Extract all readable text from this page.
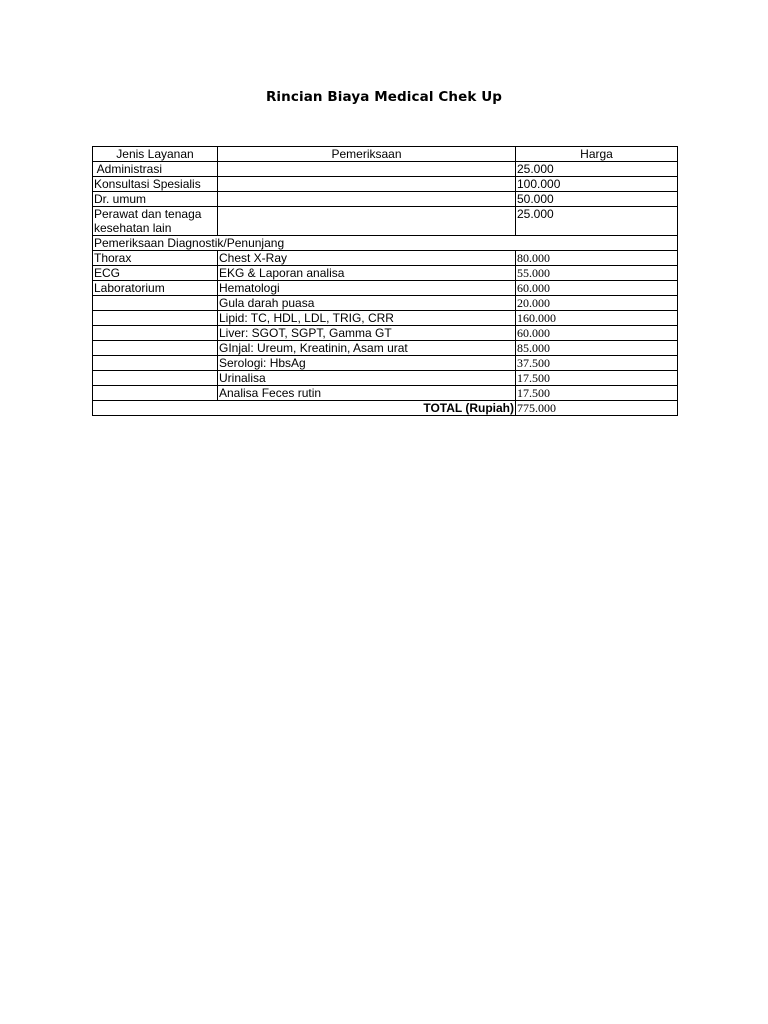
Rincian Biaya Medical Chek Up
Jenis Layanan	Pemeriksaan	Harga
Administrasi		25.000
Konsultasi Spesialis		100.000
Dr. umum		50.000
Perawat dan tenaga kesehatan lain		25.000
Pemeriksaan Diagnostik/Penunjang		
Thorax	Chest X-Ray	80.000
ECG	EKG & Laporan analisa	55.000
Laboratorium	Hematologi	60.000
	Gula darah puasa	20.000
	Lipid: TC, HDL, LDL, TRIG, CRR	160.000
	Liver: SGOT, SGPT, Gamma GT	60.000
	GInjal: Ureum, Kreatinin, Asam urat	85.000
	Serologi: HbsAg	37.500
	Urinalisa	17.500
	Analisa Feces rutin	17.500
TOTAL (Rupiah)		775.000
